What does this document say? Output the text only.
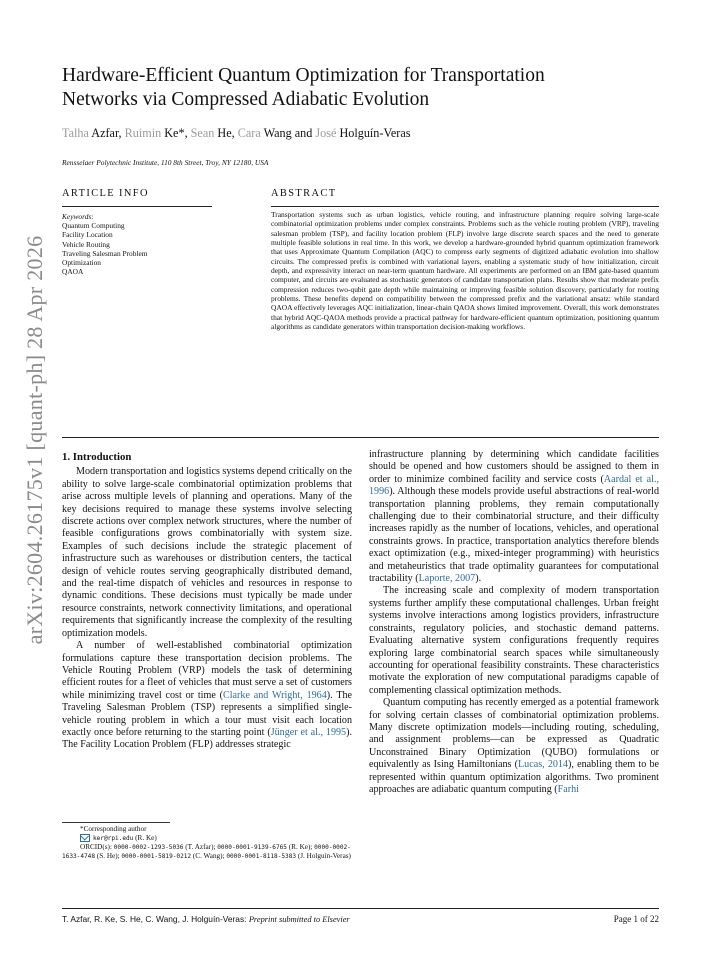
arXiv:2604.26175v1 [quant-ph] 28 Apr 2026
Hardware-Efficient Quantum Optimization for Transportation
Networks via Compressed Adiabatic Evolution
Talha Azfar, Ruimin Ke*, Sean He, Cara Wang and José Holguín-Veras
Rensselaer Polytechnic Institute, 110 8th Street, Troy, NY 12180, USA
ARTICLE INFO	ABSTRACT
Keywords:
Quantum Computing
Facility Location
Vehicle Routing
Traveling Salesman Problem
Optimization
QAOA
Transportation systems such as urban logistics, vehicle routing, and infrastructure planning require solving large-scale combinatorial optimization problems under complex constraints. Problems such as the vehicle routing problem (VRP), traveling salesman problem (TSP), and facility location problem (FLP) involve large discrete search spaces and the need to generate multiple feasible solutions in real time. In this work, we develop a hardware-grounded hybrid quantum optimization framework that uses Approximate Quantum Compilation (AQC) to compress early segments of digitized adiabatic evolution into shallow circuits. The compressed prefix is combined with variational layers, enabling a systematic study of how initialization, circuit depth, and expressivity interact on near-term quantum hardware. All experiments are performed on an IBM gate-based quantum computer, and circuits are evaluated as stochastic generators of candidate transportation plans. Results show that moderate prefix compression reduces two-qubit gate depth while maintaining or improving feasible solution discovery, particularly for routing problems. These benefits depend on compatibility between the compressed prefix and the variational ansatz: while standard QAOA effectively leverages AQC initialization, linear-chain QAOA shows limited improvement. Overall, this work demonstrates that hybrid AQC-QAOA methods provide a practical pathway for hardware-efficient quantum optimization, positioning quantum algorithms as candidate generators within transportation decision-making workflows.
1. Introduction

Modern transportation and logistics systems depend critically on the ability to solve large-scale combinatorial optimization problems that arise across multiple levels of planning and operations. Many of the key decisions required to manage these systems involve selecting discrete actions over complex network structures, where the number of feasible configurations grows combinatorially with system size. Examples of such decisions include the strategic placement of infrastructure such as warehouses or distribution centers, the tactical design of vehicle routes serving geographically distributed demand, and the real-time dispatch of vehicles and resources in response to dynamic conditions. These decisions must typically be made under resource constraints, network connectivity limitations, and operational requirements that significantly increase the complexity of the resulting optimization models.

A number of well-established combinatorial optimization formulations capture these transportation decision problems. The Vehicle Routing Problem (VRP) models the task of determining efficient routes for a fleet of vehicles that must serve a set of customers while minimizing travel cost or time (Clarke and Wright, 1964). The Traveling Salesman Problem (TSP) represents a simplified single-vehicle routing problem in which a tour must visit each location exactly once before returning to the starting point (Jünger et al., 1995). The Facility Location Problem (FLP) addresses strategic

infrastructure planning by determining which candidate facilities should be opened and how customers should be assigned to them in order to minimize combined facility and service costs (Aardal et al., 1996). Although these models provide useful abstractions of real-world transportation planning problems, they remain computationally challenging due to their combinatorial structure, and their difficulty increases rapidly as the number of locations, vehicles, and operational constraints grows. In practice, transportation analytics therefore blends exact optimization (e.g., mixed-integer programming) with heuristics and metaheuristics that trade optimality guarantees for computational tractability (Laporte, 2007).

The increasing scale and complexity of modern transportation systems further amplify these computational challenges. Urban freight systems involve interactions among logistics providers, infrastructure constraints, regulatory policies, and stochastic demand patterns. Evaluating alternative system configurations frequently requires exploring large combinatorial search spaces while simultaneously accounting for operational feasibility constraints. These characteristics motivate the exploration of new computational paradigms capable of complementing classical optimization methods.

Quantum computing has recently emerged as a potential framework for solving certain classes of combinatorial optimization problems. Many discrete optimization models—including routing, scheduling, and assignment problems—can be expressed as Quadratic Unconstrained Binary Optimization (QUBO) formulations or equivalently as Ising Hamiltonians (Lucas, 2014), enabling them to be represented within quantum optimization algorithms. Two prominent approaches are adiabatic quantum computing (Farhi

*Corresponding author
ker@rpi.edu (R. Ke)
ORCID(s): 0000-0002-1293-5036 (T. Azfar); 0000-0001-9139-6765 (R. Ke); 0000-0002-1633-4748 (S. He); 0000-0001-5819-0212 (C. Wang); 0000-0001-8118-5383 (J. Holguín-Veras)
T. Azfar, R. Ke, S. He, C. Wang, J. Holguín-Veras: Preprint submitted to Elsevier	Page 1 of 22
